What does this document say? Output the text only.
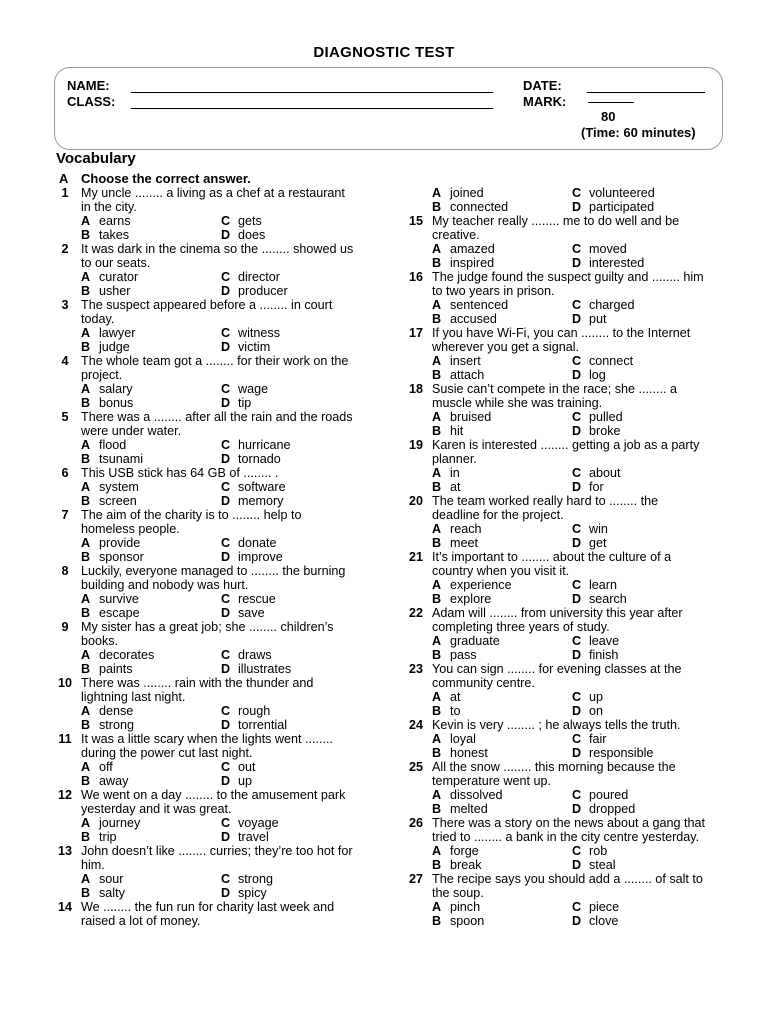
DIAGNOSTIC TEST
NAME:
CLASS:
DATE:
MARK:
80
(Time: 60 minutes)
Vocabulary
A Choose the correct answer.
1 My uncle ........ a living as a chef at a restaurant
in the city.
A earns	C gets
B takes	D does
2 It was dark in the cinema so the ........ showed us
to our seats.
A curator	C director
B usher	D producer
3 The suspect appeared before a ........ in court
today.
A lawyer	C witness
B judge	D victim
4 The whole team got a ........ for their work on the
project.
A salary	C wage
B bonus	D tip
5 There was a ........ after all the rain and the roads
were under water.
A flood	C hurricane
B tsunami	D tornado
6 This USB stick has 64 GB of ........ .
A system	C software
B screen	D memory
7 The aim of the charity is to ........ help to
homeless people.
A provide	C donate
B sponsor	D improve
8 Luckily, everyone managed to ........ the burning
building and nobody was hurt.
A survive	C rescue
B escape	D save
9 My sister has a great job; she ........ children’s
books.
A decorates	C draws
B paints	D illustrates
10 There was ........ rain with the thunder and
lightning last night.
A dense	C rough
B strong	D torrential
11 It was a little scary when the lights went ........
during the power cut last night.
A off	C out
B away	D up
12 We went on a day ........ to the amusement park
yesterday and it was great.
A journey	C voyage
B trip	D travel
13 John doesn’t like ........ curries; they’re too hot for
him.
A sour	C strong
B salty	D spicy
14 We ........ the fun run for charity last week and
raised a lot of money.
A joined	C volunteered
B connected	D participated
15 My teacher really ........ me to do well and be
creative.
A amazed	C moved
B inspired	D interested
16 The judge found the suspect guilty and ........ him
to two years in prison.
A sentenced	C charged
B accused	D put
17 If you have Wi-Fi, you can ........ to the Internet
wherever you get a signal.
A insert	C connect
B attach	D log
18 Susie can’t compete in the race; she ........ a
muscle while she was training.
A bruised	C pulled
B hit	D broke
19 Karen is interested ........ getting a job as a party
planner.
A in	C about
B at	D for
20 The team worked really hard to ........ the
deadline for the project.
A reach	C win
B meet	D get
21 It’s important to ........ about the culture of a
country when you visit it.
A experience	C learn
B explore	D search
22 Adam will ........ from university this year after
completing three years of study.
A graduate	C leave
B pass	D finish
23 You can sign ........ for evening classes at the
community centre.
A at	C up
B to	D on
24 Kevin is very ........ ; he always tells the truth.
A loyal	C fair
B honest	D responsible
25 All the snow ........ this morning because the
temperature went up.
A dissolved	C poured
B melted	D dropped
26 There was a story on the news about a gang that
tried to ........ a bank in the city centre yesterday.
A forge	C rob
B break	D steal
27 The recipe says you should add a ........ of salt to
the soup.
A pinch	C piece
B spoon	D clove
